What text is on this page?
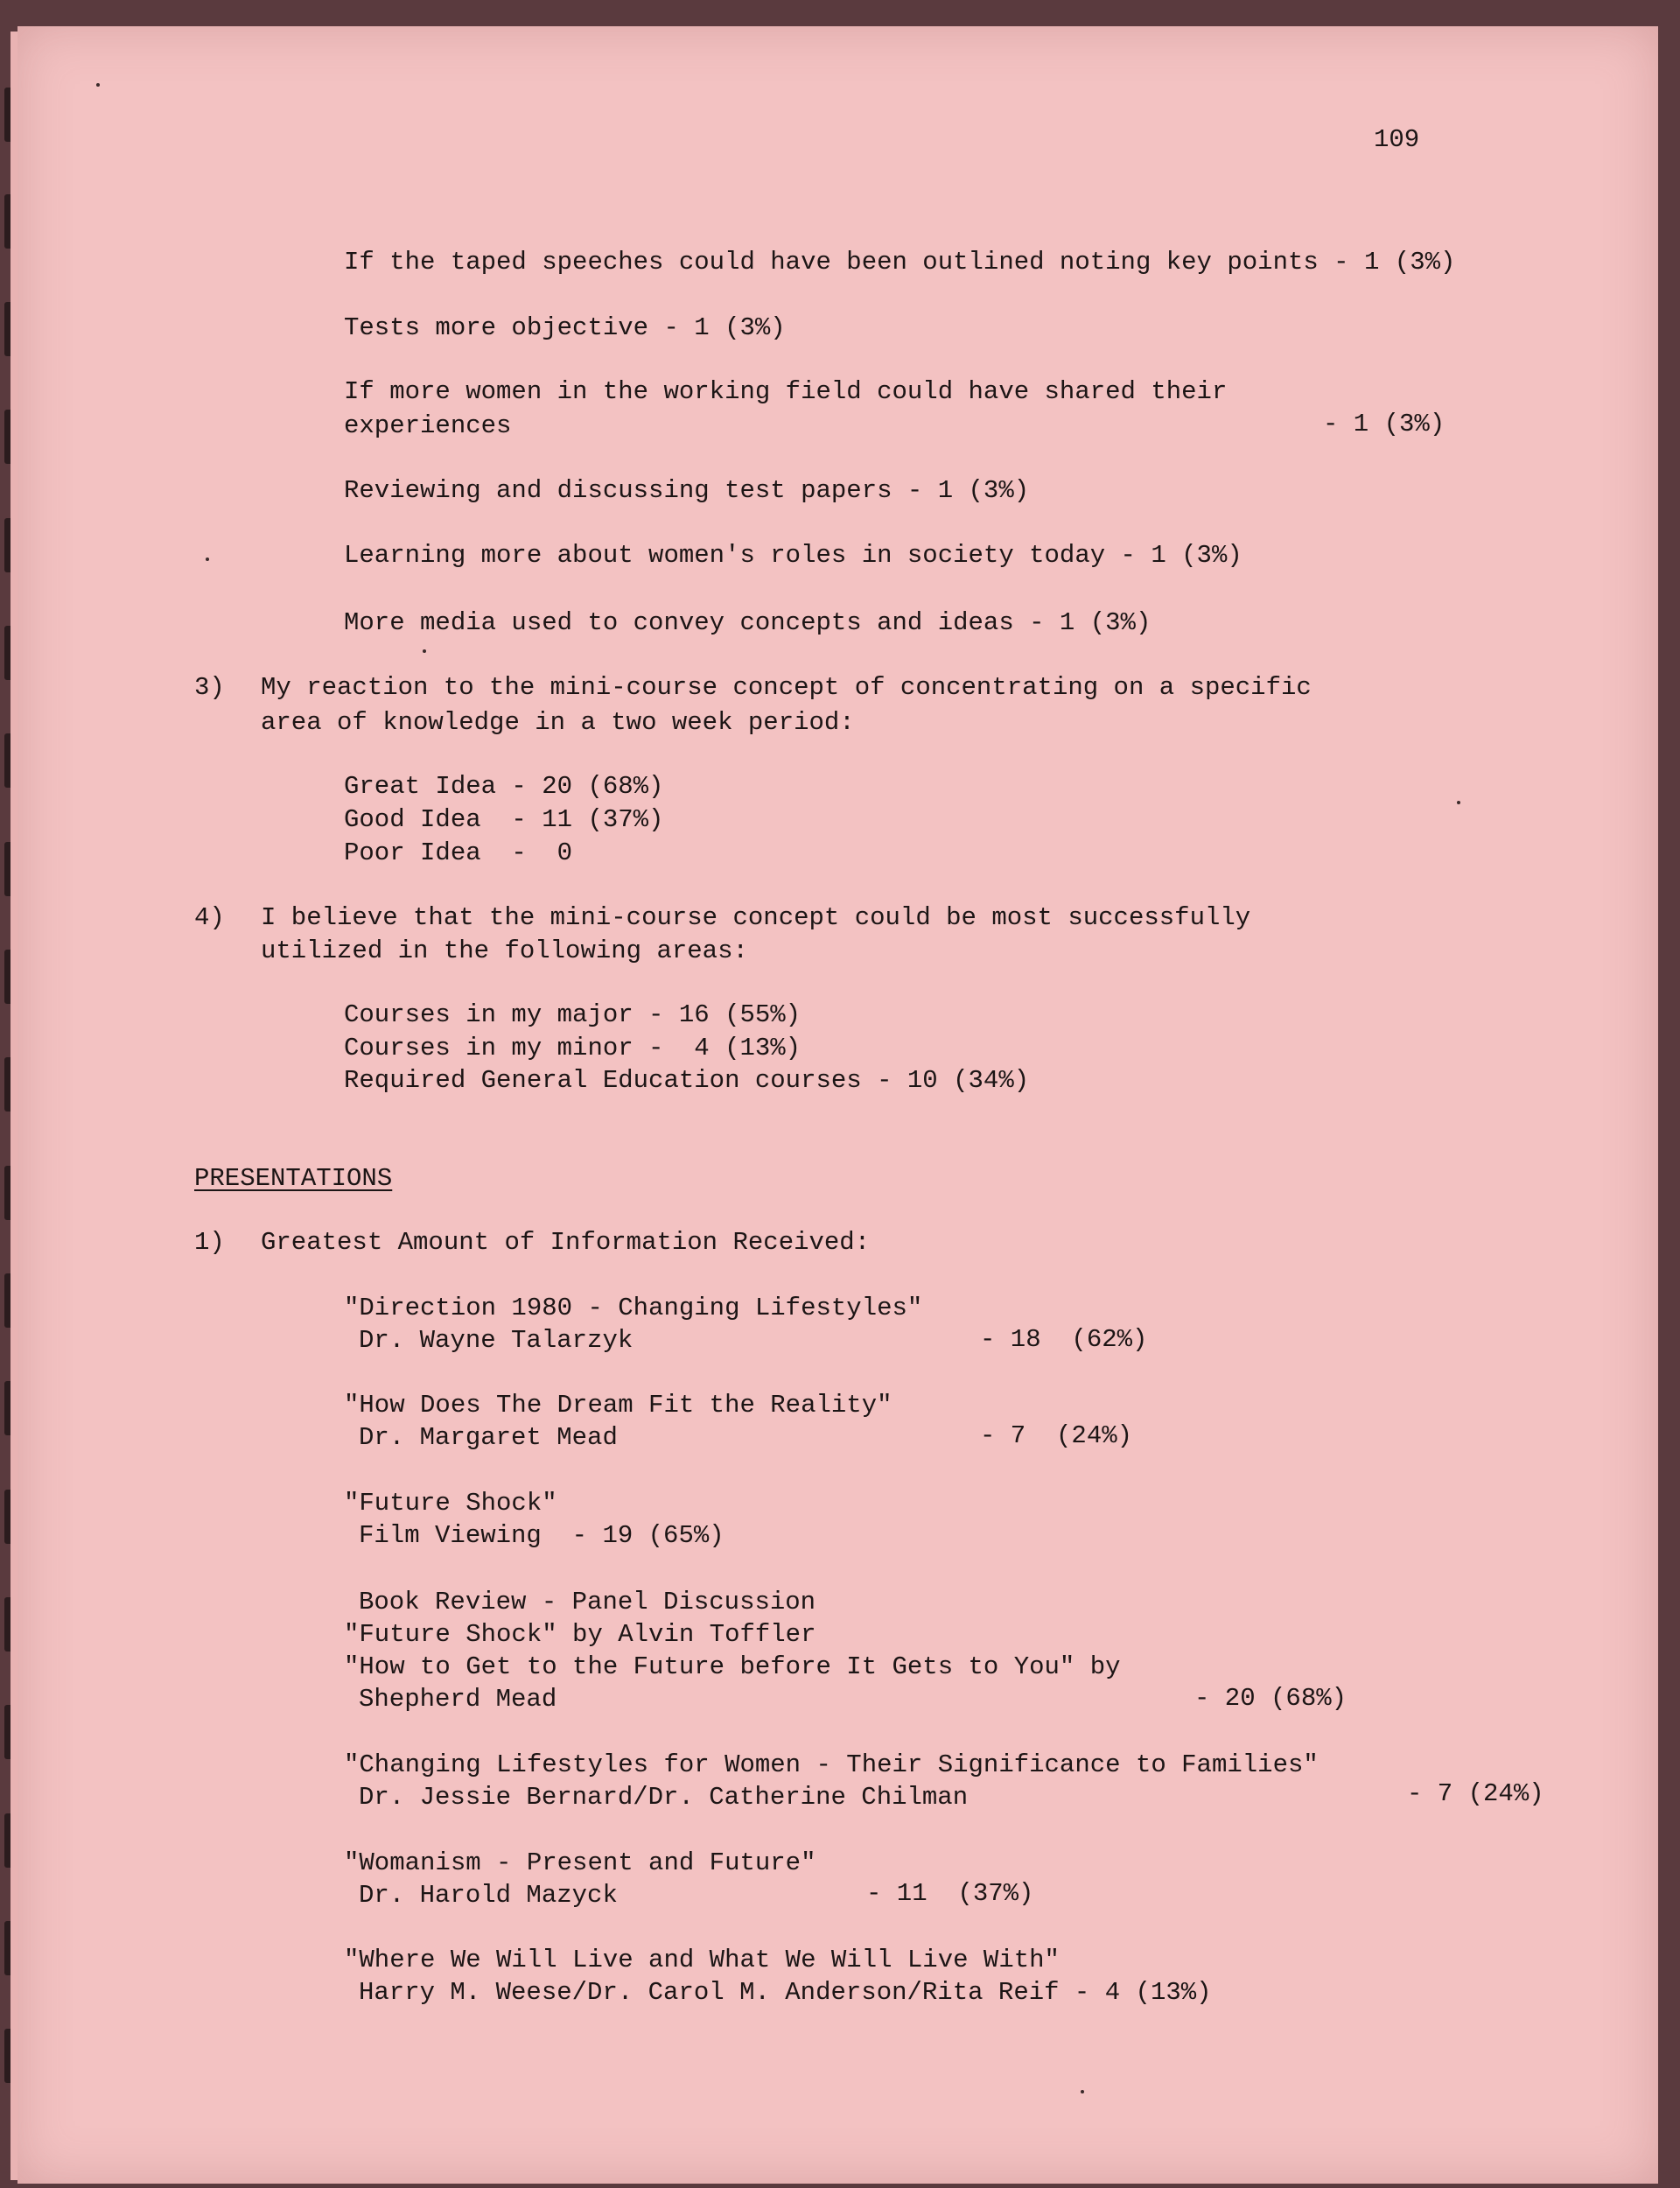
109
If the taped speeches could have been outlined noting key points - 1 (3%)
Tests more objective - 1 (3%)
If more women in the working field could have shared their
experiences	- 1 (3%)
Reviewing and discussing test papers - 1 (3%)
Learning more about women's roles in society today - 1 (3%)
More media used to convey concepts and ideas - 1 (3%)
3) My reaction to the mini-course concept of concentrating on a specific
area of knowledge in a two week period:
Great Idea - 20 (68%)
Good Idea  - 11 (37%)
Poor Idea  -  0
4) I believe that the mini-course concept could be most successfully
utilized in the following areas:
Courses in my major - 16 (55%)
Courses in my minor -  4 (13%)
Required General Education courses - 10 (34%)
PRESENTATIONS
1) Greatest Amount of Information Received:
"Direction 1980 - Changing Lifestyles"
Dr. Wayne Talarzyk	- 18  (62%)
"How Does The Dream Fit the Reality"
Dr. Margaret Mead	- 7  (24%)
"Future Shock"
Film Viewing  - 19 (65%)
Book Review - Panel Discussion
"Future Shock" by Alvin Toffler
"How to Get to the Future before It Gets to You" by
Shepherd Mead	- 20 (68%)
"Changing Lifestyles for Women - Their Significance to Families"
Dr. Jessie Bernard/Dr. Catherine Chilman	- 7 (24%)
"Womanism - Present and Future"
Dr. Harold Mazyck	- 11  (37%)
"Where We Will Live and What We Will Live With"
Harry M. Weese/Dr. Carol M. Anderson/Rita Reif - 4 (13%)
